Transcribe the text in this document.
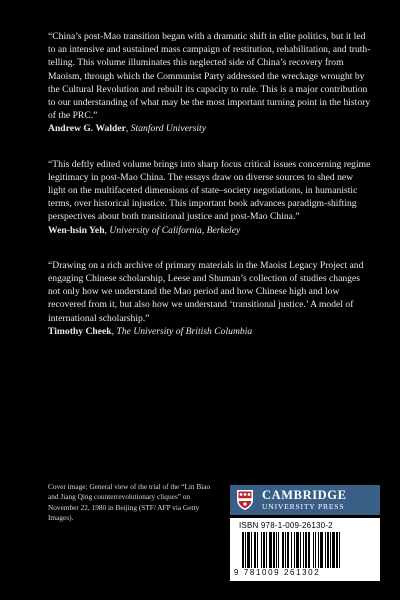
“China’s post-Mao transition began with a dramatic shift in elite politics, but it led to an intensive and sustained mass campaign of restitution, rehabilitation, and truth-telling. This volume illuminates this neglected side of China’s recovery from Maoism, through which the Communist Party addressed the wreckage wrought by the Cultural Revolution and rebuilt its capacity to rule. This is a major contribution to our understanding of what may be the most important turning point in the history of the PRC.”

Andrew G. Walder, Stanford University

“This deftly edited volume brings into sharp focus critical issues concerning regime legitimacy in post-Mao China. The essays draw on diverse sources to shed new light on the multifaceted dimensions of state–society negotiations, in humanistic terms, over historical injustice. This important book advances paradigm-shifting perspectives about both transitional justice and post-Mao China.”

Wen-hsin Yeh, University of California, Berkeley

“Drawing on a rich archive of primary materials in the Maoist Legacy Project and engaging Chinese scholarship, Leese and Shuman’s collection of studies changes not only how we understand the Mao period and how Chinese high and low recovered from it, but also how we understand ‘transitional justice.’ A model of international scholarship.”

Timothy Cheek, The University of British Columbia
Cover image: General view of the trial of the “Lin Biao and Jiang Qing counterrevolutionary cliques” on November 22, 1980 in Beijing (STF/ AFP via Getty Images).
CAMBRIDGE
UNIVERSITY PRESS
ISBN 978-1-009-26130-2
9 781009 261302
